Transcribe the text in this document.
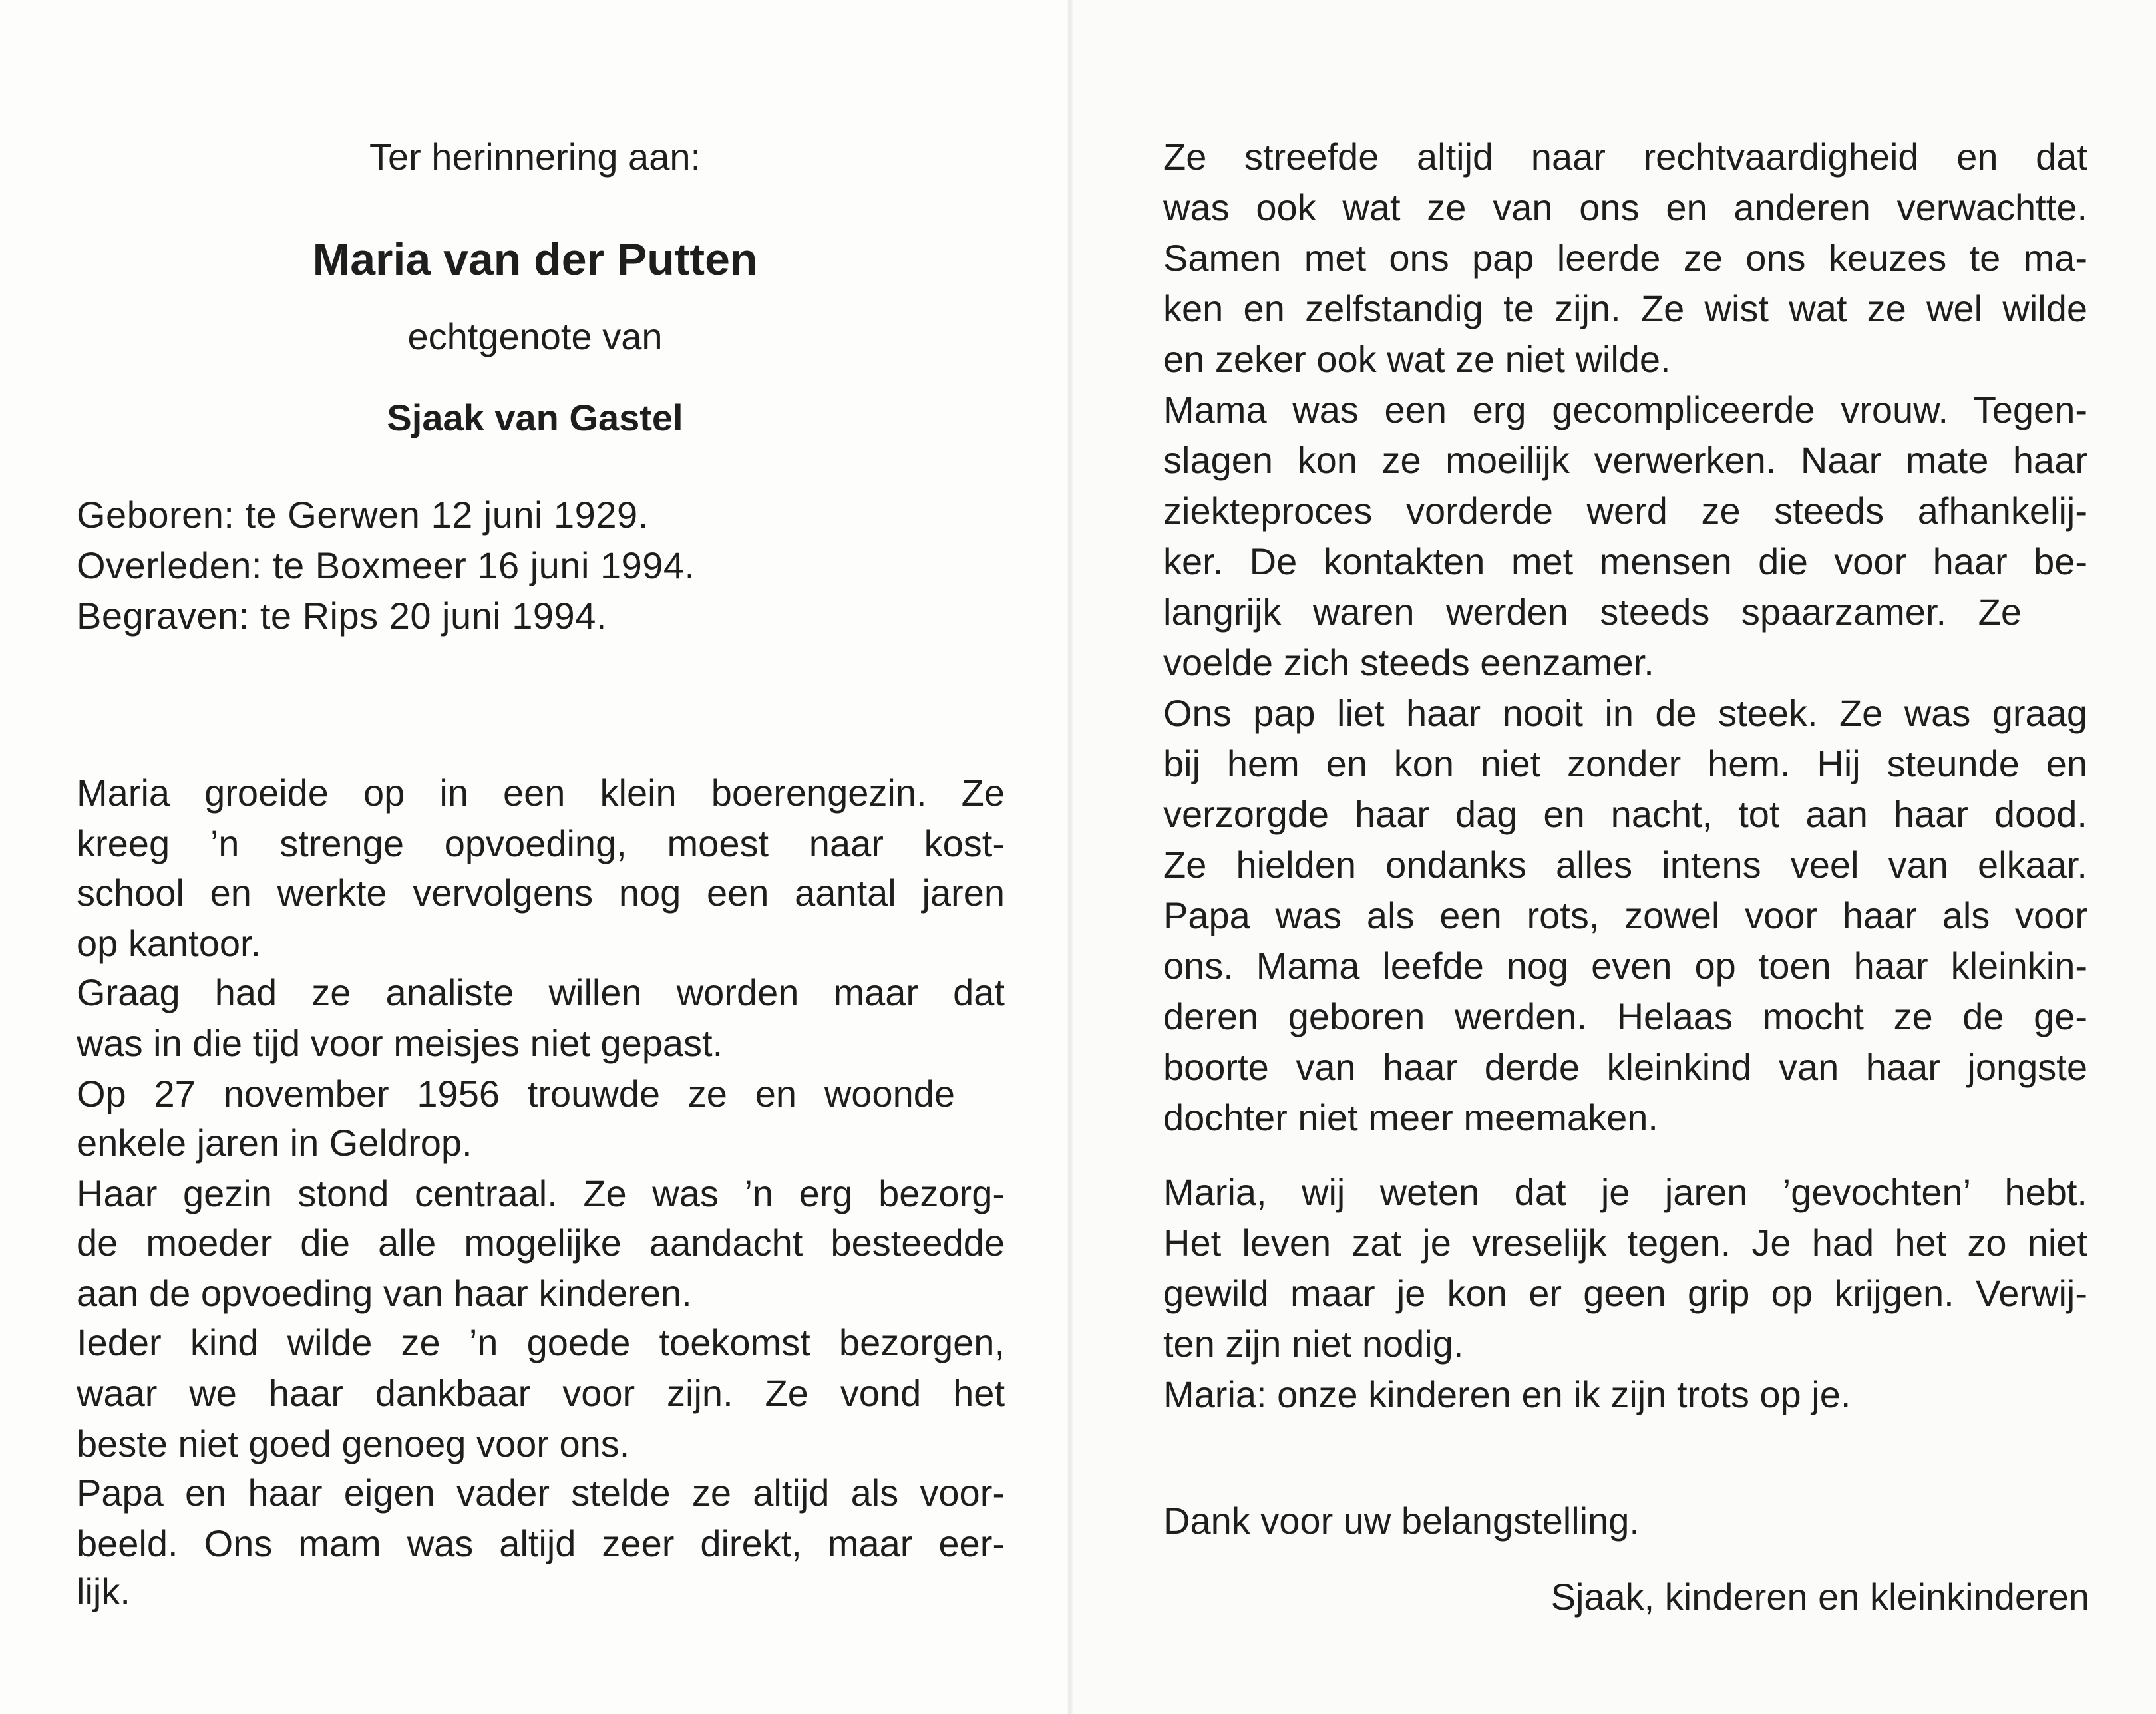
Ter herinnering aan:
Maria van der Putten
echtgenote van
Sjaak van Gastel
Geboren: te Gerwen 12 juni 1929.
Overleden: te Boxmeer 16 juni 1994.
Begraven: te Rips 20 juni 1994.
Maria groeide op in een klein boerengezin. Ze
kreeg ’n strenge opvoeding, moest naar kost-
school en werkte vervolgens nog een aantal jaren
op kantoor.
Graag had ze analiste willen worden maar dat
was in die tijd voor meisjes niet gepast.
Op 27 november 1956 trouwde ze en woonde
enkele jaren in Geldrop.
Haar gezin stond centraal. Ze was ’n erg bezorg-
de moeder die alle mogelijke aandacht besteedde
aan de opvoeding van haar kinderen.
Ieder kind wilde ze ’n goede toekomst bezorgen,
waar we haar dankbaar voor zijn. Ze vond het
beste niet goed genoeg voor ons.
Papa en haar eigen vader stelde ze altijd als voor-
beeld. Ons mam was altijd zeer direkt, maar eer-
lijk.
Ze streefde altijd naar rechtvaardigheid en dat
was ook wat ze van ons en anderen verwachtte.
Samen met ons pap leerde ze ons keuzes te ma-
ken en zelfstandig te zijn. Ze wist wat ze wel wilde
en zeker ook wat ze niet wilde.
Mama was een erg gecompliceerde vrouw. Tegen-
slagen kon ze moeilijk verwerken. Naar mate haar
ziekteproces vorderde werd ze steeds afhankelij-
ker. De kontakten met mensen die voor haar be-
langrijk waren werden steeds spaarzamer. Ze
voelde zich steeds eenzamer.
Ons pap liet haar nooit in de steek. Ze was graag
bij hem en kon niet zonder hem. Hij steunde en
verzorgde haar dag en nacht, tot aan haar dood.
Ze hielden ondanks alles intens veel van elkaar.
Papa was als een rots, zowel voor haar als voor
ons. Mama leefde nog even op toen haar kleinkin-
deren geboren werden. Helaas mocht ze de ge-
boorte van haar derde kleinkind van haar jongste
dochter niet meer meemaken.
Maria, wij weten dat je jaren ’gevochten’ hebt.
Het leven zat je vreselijk tegen. Je had het zo niet
gewild maar je kon er geen grip op krijgen. Verwij-
ten zijn niet nodig.
Maria: onze kinderen en ik zijn trots op je.
Dank voor uw belangstelling.
Sjaak, kinderen en kleinkinderen
